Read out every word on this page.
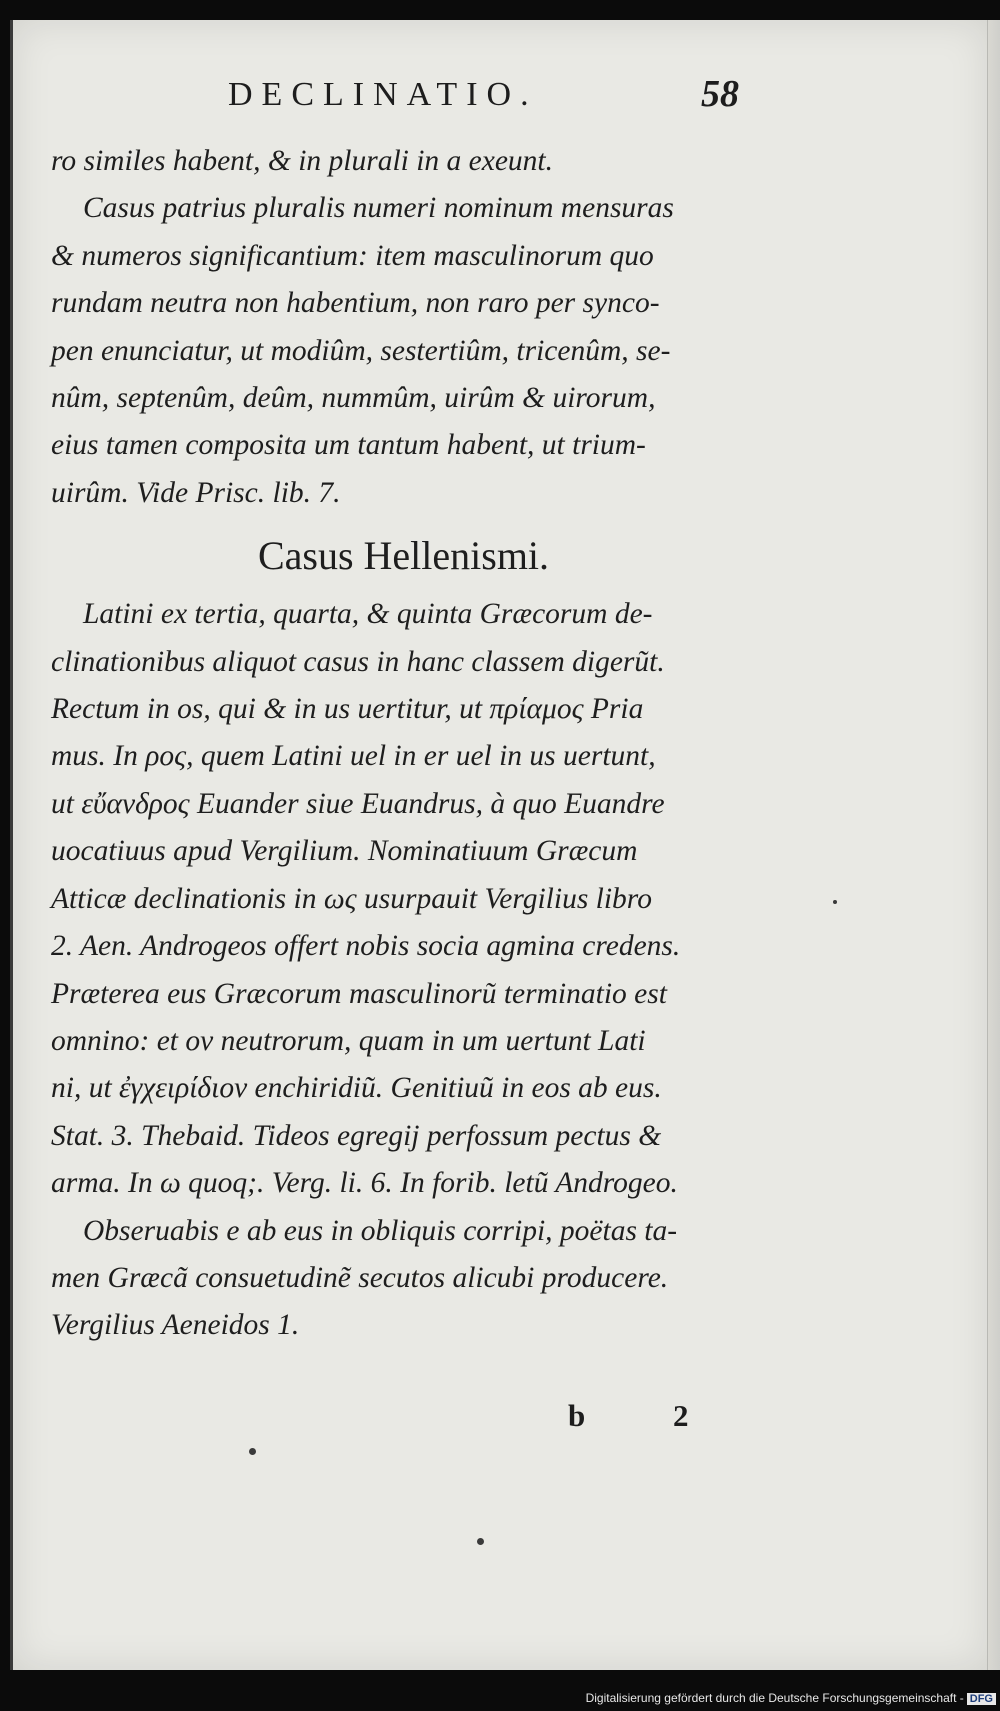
DECLINATIO.	58
ro similes habent, & in plurali in a exeunt.
Casus patrius pluralis numeri nominum mensuras
& numeros significantium: item masculinorum quo
rundam neutra non habentium, non raro per synco-
pen enunciatur, ut modiûm, sestertiûm, tricenûm, se-
nûm, septenûm, deûm, nummûm, uirûm & uirorum,
eius tamen composita um tantum habent, ut trium-
uirûm. Vide Prisc. lib. 7.
Casus Hellenismi.
Latini ex tertia, quarta, & quinta Græcorum de-
clinationibus aliquot casus in hanc classem digerũt.
Rectum in os, qui & in us uertitur, ut πρίαμος Pria
mus. In ρος, quem Latini uel in er uel in us uertunt,
ut εὔανδρος Euander siue Euandrus, à quo Euandre
uocatiuus apud Vergilium. Nominatiuum Græcum
Atticæ declinationis in ως usurpauit Vergilius libro
2. Aen. Androgeos offert nobis socia agmina credens.
Præterea eus Græcorum masculinorũ terminatio est
omnino: et ον neutrorum, quam in um uertunt Lati
ni, ut ἐγχειρίδιον enchiridiũ. Genitiuũ in eos ab eus.
Stat. 3. Thebaid. Tideos egregij perfossum pectus &
arma. In ω quoq;. Verg. li. 6. In forib. letũ Androgeo.
Obseruabis e ab eus in obliquis corripi, poëtas ta-
men Græcã consuetudinẽ secutos alicubi producere.
Vergilius Aeneidos 1.
b 2
Digitalisierung gefördert durch die Deutsche Forschungsgemeinschaft - DFG
